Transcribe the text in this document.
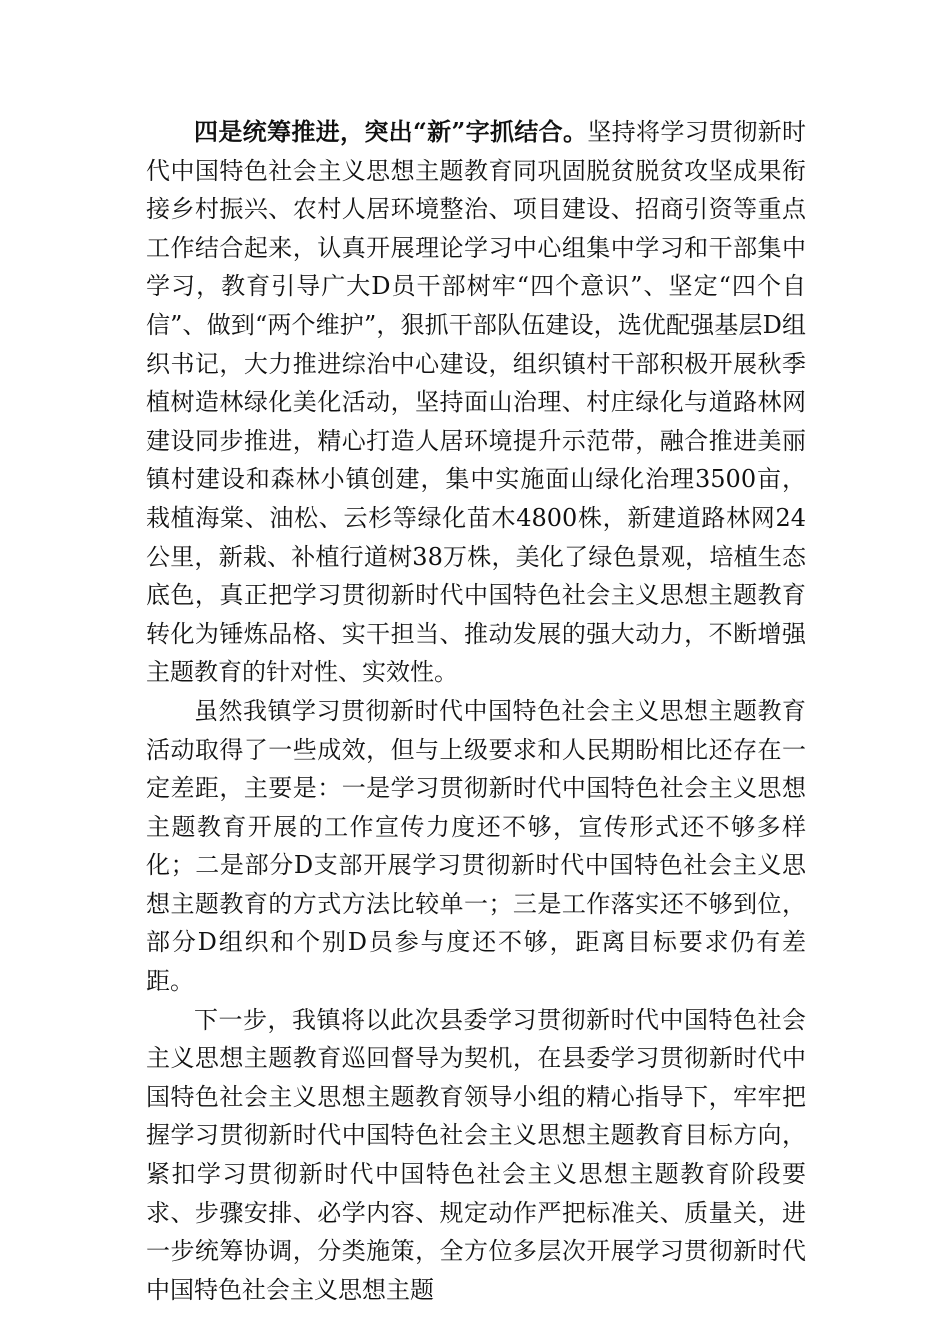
四是统筹推进，突出“新”字抓结合。坚持将学习贯彻新时代中国特色社会主义思想主题教育同巩固脱贫脱贫攻坚成果衔接乡村振兴、农村人居环境整治、项目建设、招商引资等重点工作结合起来，认真开展理论学习中心组集中学习和干部集中学习，教育引导广大D员干部树牢“四个意识”、坚定“四个自信”、做到“两个维护”，狠抓干部队伍建设，选优配强基层D组织书记，大力推进综治中心建设，组织镇村干部积极开展秋季植树造林绿化美化活动，坚持面山治理、村庄绿化与道路林网建设同步推进，精心打造人居环境提升示范带，融合推进美丽镇村建设和森林小镇创建，集中实施面山绿化治理3500亩，栽植海棠、油松、云杉等绿化苗木4800株，新建道路林网24公里，新栽、补植行道树38万株，美化了绿色景观，培植生态底色，真正把学习贯彻新时代中国特色社会主义思想主题教育转化为锤炼品格、实干担当、推动发展的强大动力，不断增强主题教育的针对性、实效性。

虽然我镇学习贯彻新时代中国特色社会主义思想主题教育活动取得了一些成效，但与上级要求和人民期盼相比还存在一定差距，主要是：一是学习贯彻新时代中国特色社会主义思想主题教育开展的工作宣传力度还不够，宣传形式还不够多样化；二是部分D支部开展学习贯彻新时代中国特色社会主义思想主题教育的方式方法比较单一；三是工作落实还不够到位，部分D组织和个别D员参与度还不够，距离目标要求仍有差距。

下一步，我镇将以此次县委学习贯彻新时代中国特色社会主义思想主题教育巡回督导为契机，在县委学习贯彻新时代中国特色社会主义思想主题教育领导小组的精心指导下，牢牢把握学习贯彻新时代中国特色社会主义思想主题教育目标方向，紧扣学习贯彻新时代中国特色社会主义思想主题教育阶段要求、步骤安排、必学内容、规定动作严把标准关、质量关，进一步统筹协调，分类施策，全方位多层次开展学习贯彻新时代中国特色社会主义思想主题
